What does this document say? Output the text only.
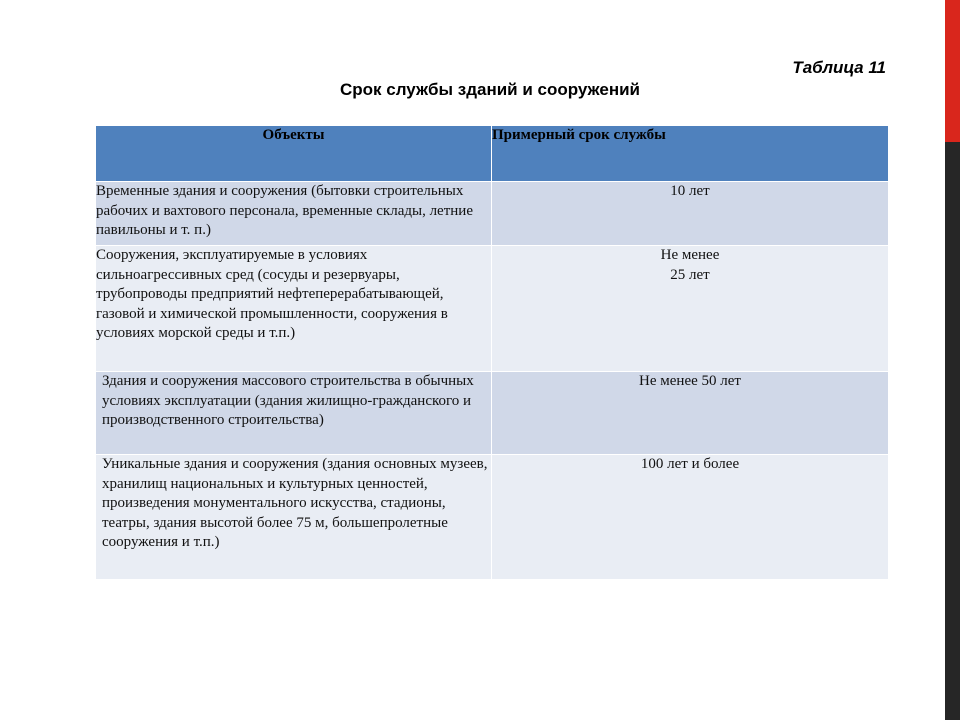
Таблица 11
Срок службы зданий и сооружений
Объекты	Примерный срок службы
Временные здания и сооружения (бытовки строительных рабочих и вахтового персонала, временные склады, летние павильоны и т. п.)	10 лет

Сооружения, эксплуатируемые в условиях сильноагрессивных сред (сосуды и резервуары, трубопроводы предприятий нефтеперерабатывающей, газовой и химической промышленности, сооружения в условиях морской среды и т.п.)	Не менее
25 лет

Здания и сооружения массового строительства в обычных условиях эксплуатации (здания жилищно-гражданского и производственного строительства)	Не менее 50 лет

Уникальные здания и сооружения (здания основных музеев, хранилищ национальных и культурных ценностей, произведения монументального искусства, стадионы, театры, здания высотой более 75 м, большепролетные сооружения и т.п.)	100 лет и более
